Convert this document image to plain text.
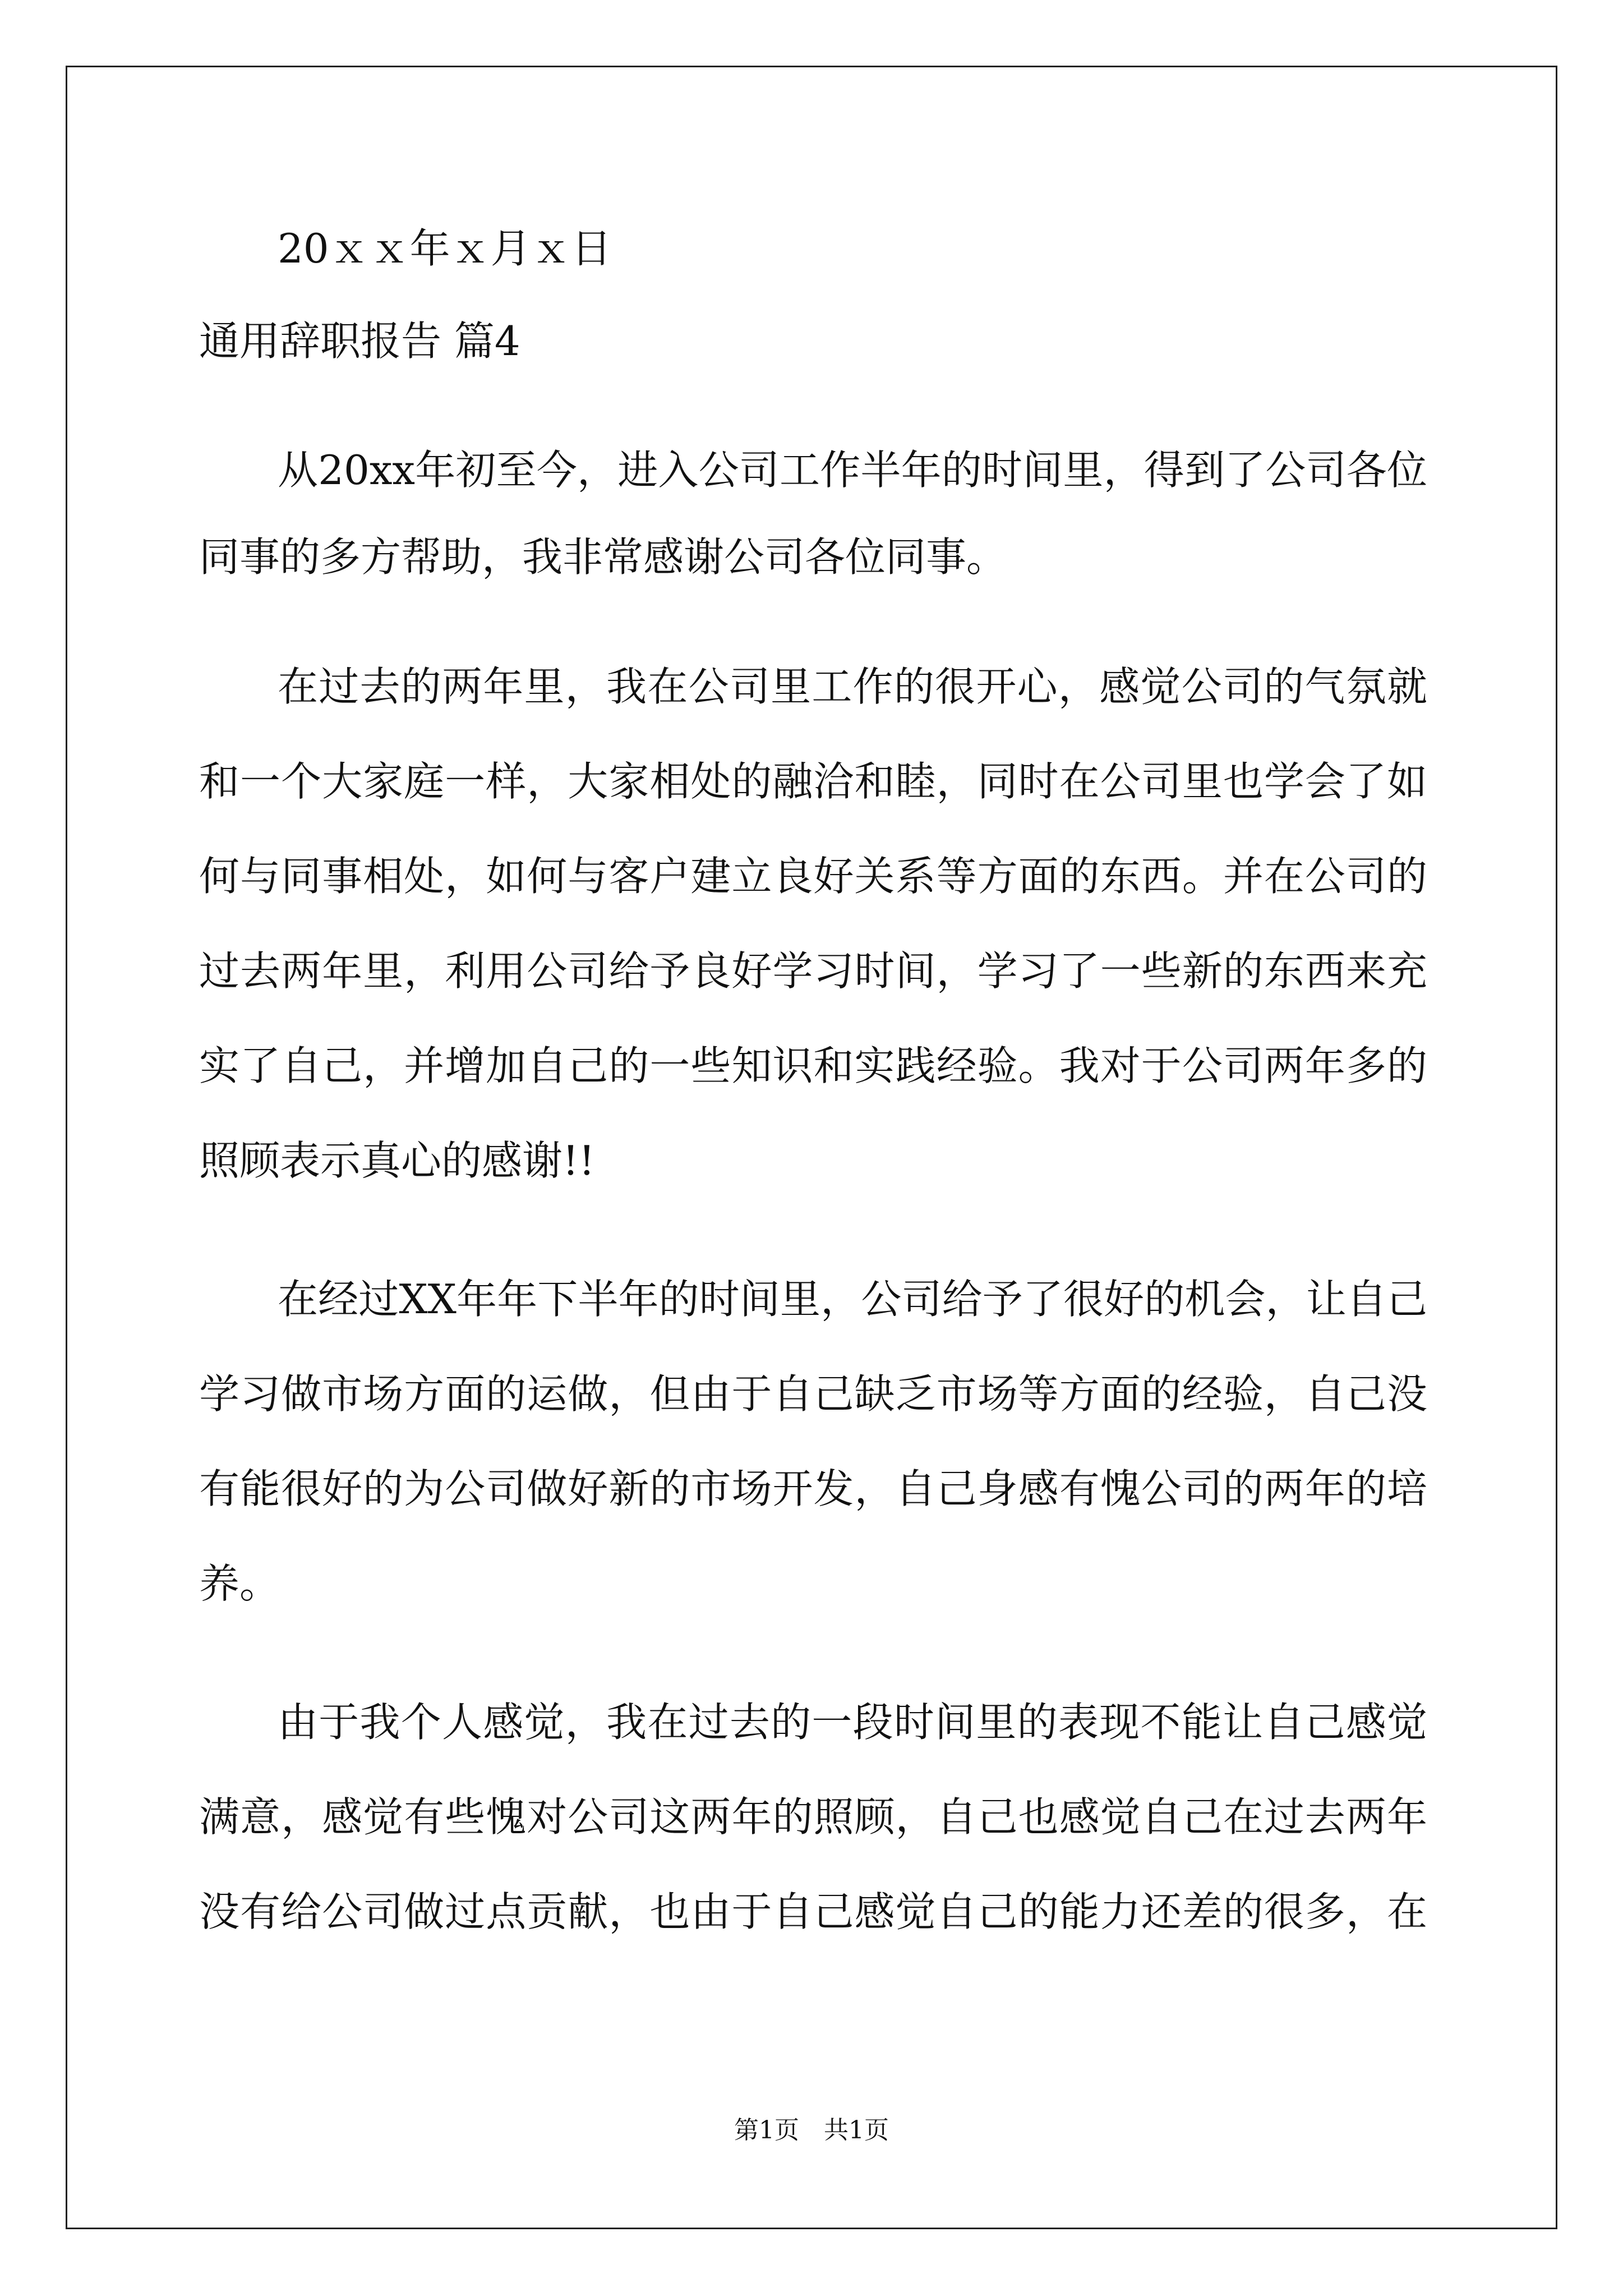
20ｘｘ年ｘ月ｘ日
通用辞职报告 篇4
从20xx年初至今，进入公司工作半年的时间里，得到了公司各位
同事的多方帮助，我非常感谢公司各位同事。
在过去的两年里，我在公司里工作的很开心，感觉公司的气氛就
和一个大家庭一样，大家相处的融洽和睦，同时在公司里也学会了如
何与同事相处，如何与客户建立良好关系等方面的东西。并在公司的
过去两年里，利用公司给予良好学习时间，学习了一些新的东西来充
实了自己，并增加自己的一些知识和实践经验。我对于公司两年多的
照顾表示真心的感谢!!
在经过XX年年下半年的时间里，公司给予了很好的机会，让自己
学习做市场方面的运做，但由于自己缺乏市场等方面的经验，自己没
有能很好的为公司做好新的市场开发，自己身感有愧公司的两年的培
养。
由于我个人感觉，我在过去的一段时间里的表现不能让自己感觉
满意，感觉有些愧对公司这两年的照顾，自己也感觉自己在过去两年
没有给公司做过点贡献，也由于自己感觉自己的能力还差的很多，在
第1页　共1页
